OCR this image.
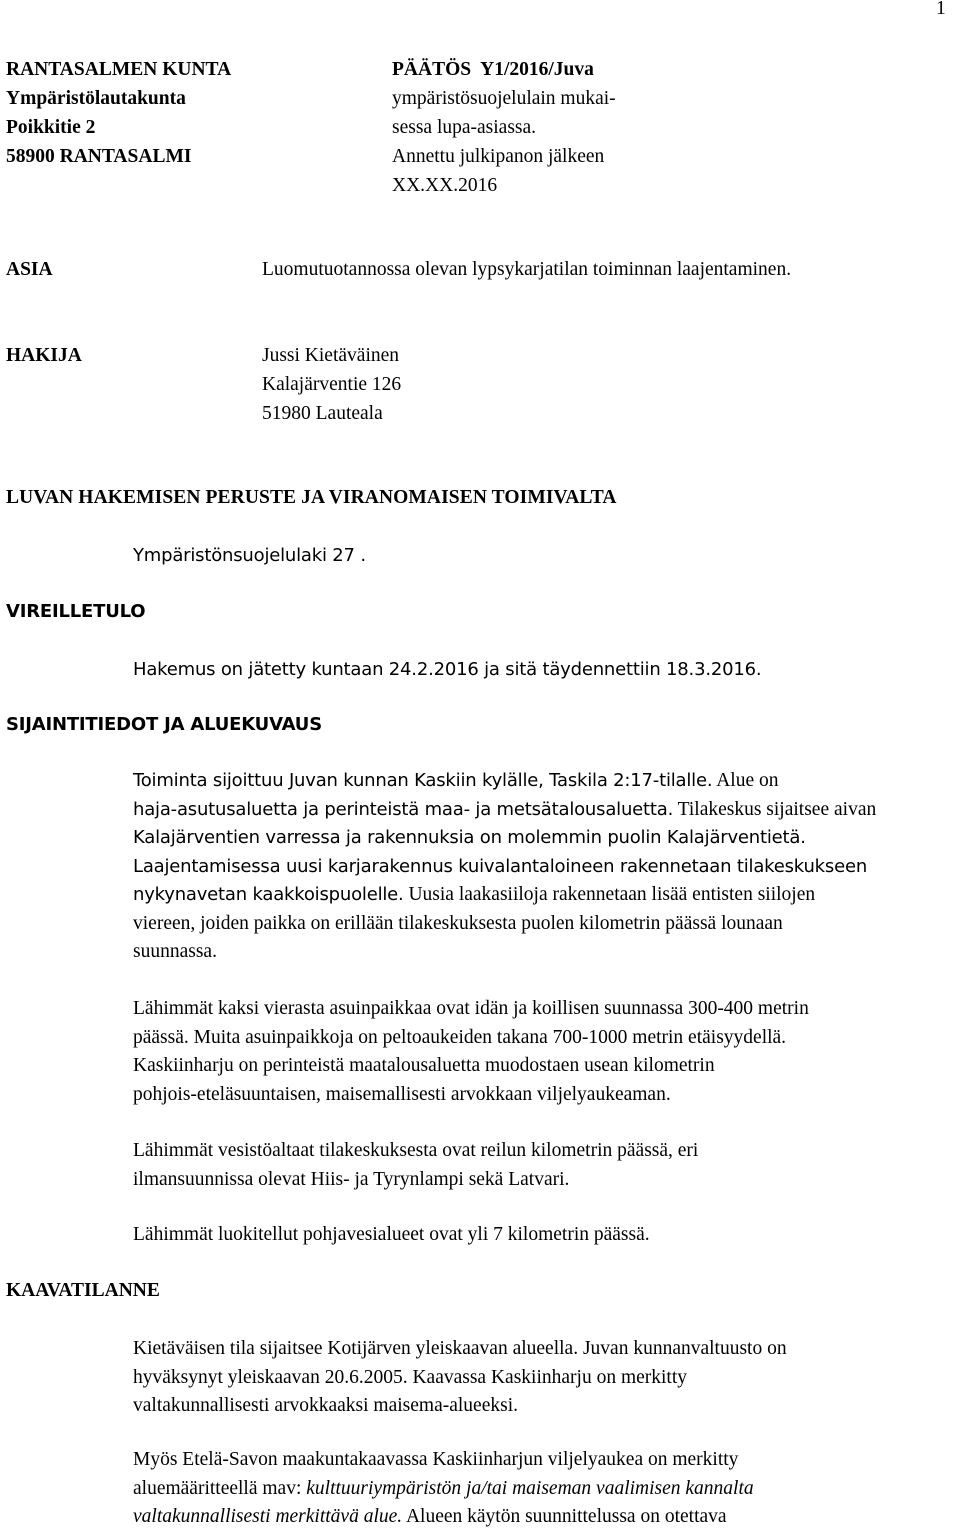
1
RANTASALMEN KUNTA
Ympäristölautakunta
Poikkitie 2
58900 RANTASALMI
PÄÄTÖS  Y1/2016/Juva
ympäristösuojelulain mukai-
sessa lupa-asiassa.
Annettu julkipanon jälkeen
XX.XX.2016
ASIA	Luomutuotannossa olevan lypsykarjatilan toiminnan laajentaminen.
HAKIJA	Jussi Kietäväinen
Kalajärventie 126
51980 Lauteala
LUVAN HAKEMISEN PERUSTE JA VIRANOMAISEN TOIMIVALTA
Ympäristönsuojelulaki 27 .
VIREILLETULO
Hakemus on jätetty kuntaan 24.2.2016 ja sitä täydennettiin 18.3.2016.
SIJAINTITIEDOT JA ALUEKUVAUS
Toiminta sijoittuu Juvan kunnan Kaskiin kylälle, Taskila 2:17-tilalle. Alue on
haja-asutusaluetta ja perinteistä maa- ja metsätalousaluetta. Tilakeskus sijaitsee aivan
Kalajärventien varressa ja rakennuksia on molemmin puolin Kalajärventietä.
Laajentamisessa uusi karjarakennus kuivalantaloineen rakennetaan tilakeskukseen
nykynavetan kaakkoispuolelle. Uusia laakasiiloja rakennetaan lisää entisten siilojen
viereen, joiden paikka on erillään tilakeskuksesta puolen kilometrin päässä lounaan
suunnassa.
Lähimmät kaksi vierasta asuinpaikkaa ovat idän ja koillisen suunnassa 300-400 metrin
päässä. Muita asuinpaikkoja on peltoaukeiden takana 700-1000 metrin etäisyydellä.
Kaskiinharju on perinteistä maatalousaluetta muodostaen usean kilometrin
pohjois-eteläsuuntaisen, maisemallisesti arvokkaan viljelyaukeaman.
Lähimmät vesistöaltaat tilakeskuksesta ovat reilun kilometrin päässä, eri
ilmansuunnissa olevat Hiis- ja Tyrynlampi sekä Latvari.
Lähimmät luokitellut pohjavesialueet ovat yli 7 kilometrin päässä.
KAAVATILANNE
Kietäväisen tila sijaitsee Kotijärven yleiskaavan alueella. Juvan kunnanvaltuusto on
hyväksynyt yleiskaavan 20.6.2005. Kaavassa Kaskiinharju on merkitty
valtakunnallisesti arvokkaaksi maisema-alueeksi.
Myös Etelä-Savon maakuntakaavassa Kaskiinharjun viljelyaukea on merkitty
aluemääritteellä mav: kulttuuriympäristön ja/tai maiseman vaalimisen kannalta
valtakunnallisesti merkittävä alue. Alueen käytön suunnittelussa on otettava
